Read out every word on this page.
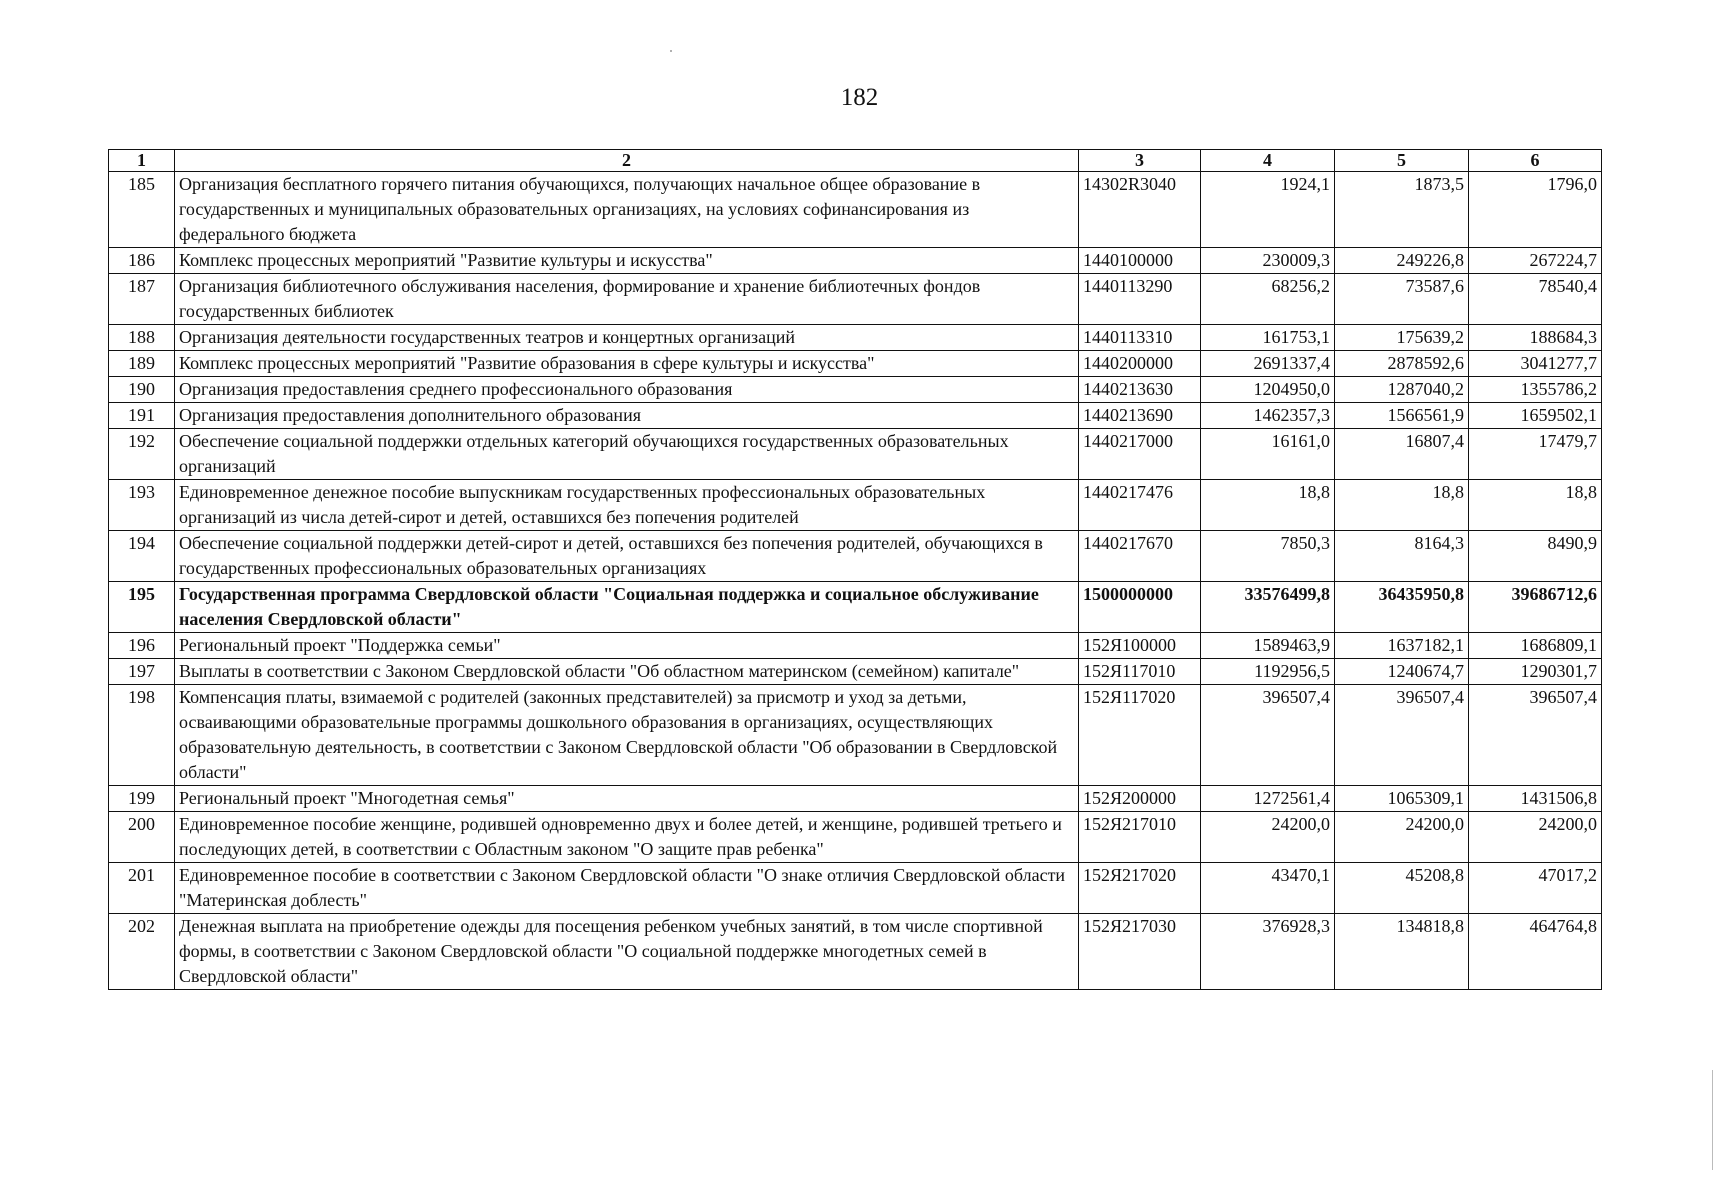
182
1	2	3	4	5	6
185	Организация бесплатного горячего питания обучающихся, получающих начальное общее образование в государственных и муниципальных образовательных организациях, на условиях софинансирования из федерального бюджета	14302R3040	1924,1	1873,5	1796,0
186	Комплекс процессных мероприятий "Развитие культуры и искусства"	1440100000	230009,3	249226,8	267224,7
187	Организация библиотечного обслуживания населения, формирование и хранение библиотечных фондов государственных библиотек	1440113290	68256,2	73587,6	78540,4
188	Организация деятельности государственных театров и концертных организаций	1440113310	161753,1	175639,2	188684,3
189	Комплекс процессных мероприятий "Развитие образования в сфере культуры и искусства"	1440200000	2691337,4	2878592,6	3041277,7
190	Организация предоставления среднего профессионального образования	1440213630	1204950,0	1287040,2	1355786,2
191	Организация предоставления дополнительного образования	1440213690	1462357,3	1566561,9	1659502,1
192	Обеспечение социальной поддержки отдельных категорий обучающихся государственных образовательных организаций	1440217000	16161,0	16807,4	17479,7
193	Единовременное денежное пособие выпускникам государственных профессиональных образовательных организаций из числа детей-сирот и детей, оставшихся без попечения родителей	1440217476	18,8	18,8	18,8
194	Обеспечение социальной поддержки детей-сирот и детей, оставшихся без попечения родителей, обучающихся в государственных профессиональных образовательных организациях	1440217670	7850,3	8164,3	8490,9
195	Государственная программа Свердловской области "Социальная поддержка и социальное обслуживание населения Свердловской области"	1500000000	33576499,8	36435950,8	39686712,6
196	Региональный проект "Поддержка семьи"	152Я100000	1589463,9	1637182,1	1686809,1
197	Выплаты в соответствии с Законом Свердловской области "Об областном материнском (семейном) капитале"	152Я117010	1192956,5	1240674,7	1290301,7
198	Компенсация платы, взимаемой с родителей (законных представителей) за присмотр и уход за детьми, осваивающими образовательные программы дошкольного образования в организациях, осуществляющих образовательную деятельность, в соответствии с Законом Свердловской области "Об образовании в Свердловской области"	152Я117020	396507,4	396507,4	396507,4
199	Региональный проект "Многодетная семья"	152Я200000	1272561,4	1065309,1	1431506,8
200	Единовременное пособие женщине, родившей одновременно двух и более детей, и женщине, родившей третьего и последующих детей, в соответствии с Областным законом "О защите прав ребенка"	152Я217010	24200,0	24200,0	24200,0
201	Единовременное пособие в соответствии с Законом Свердловской области "О знаке отличия Свердловской области "Материнская доблесть"	152Я217020	43470,1	45208,8	47017,2
202	Денежная выплата на приобретение одежды для посещения ребенком учебных занятий, в том числе спортивной формы, в соответствии с Законом Свердловской области "О социальной поддержке многодетных семей в Свердловской области"	152Я217030	376928,3	134818,8	464764,8
